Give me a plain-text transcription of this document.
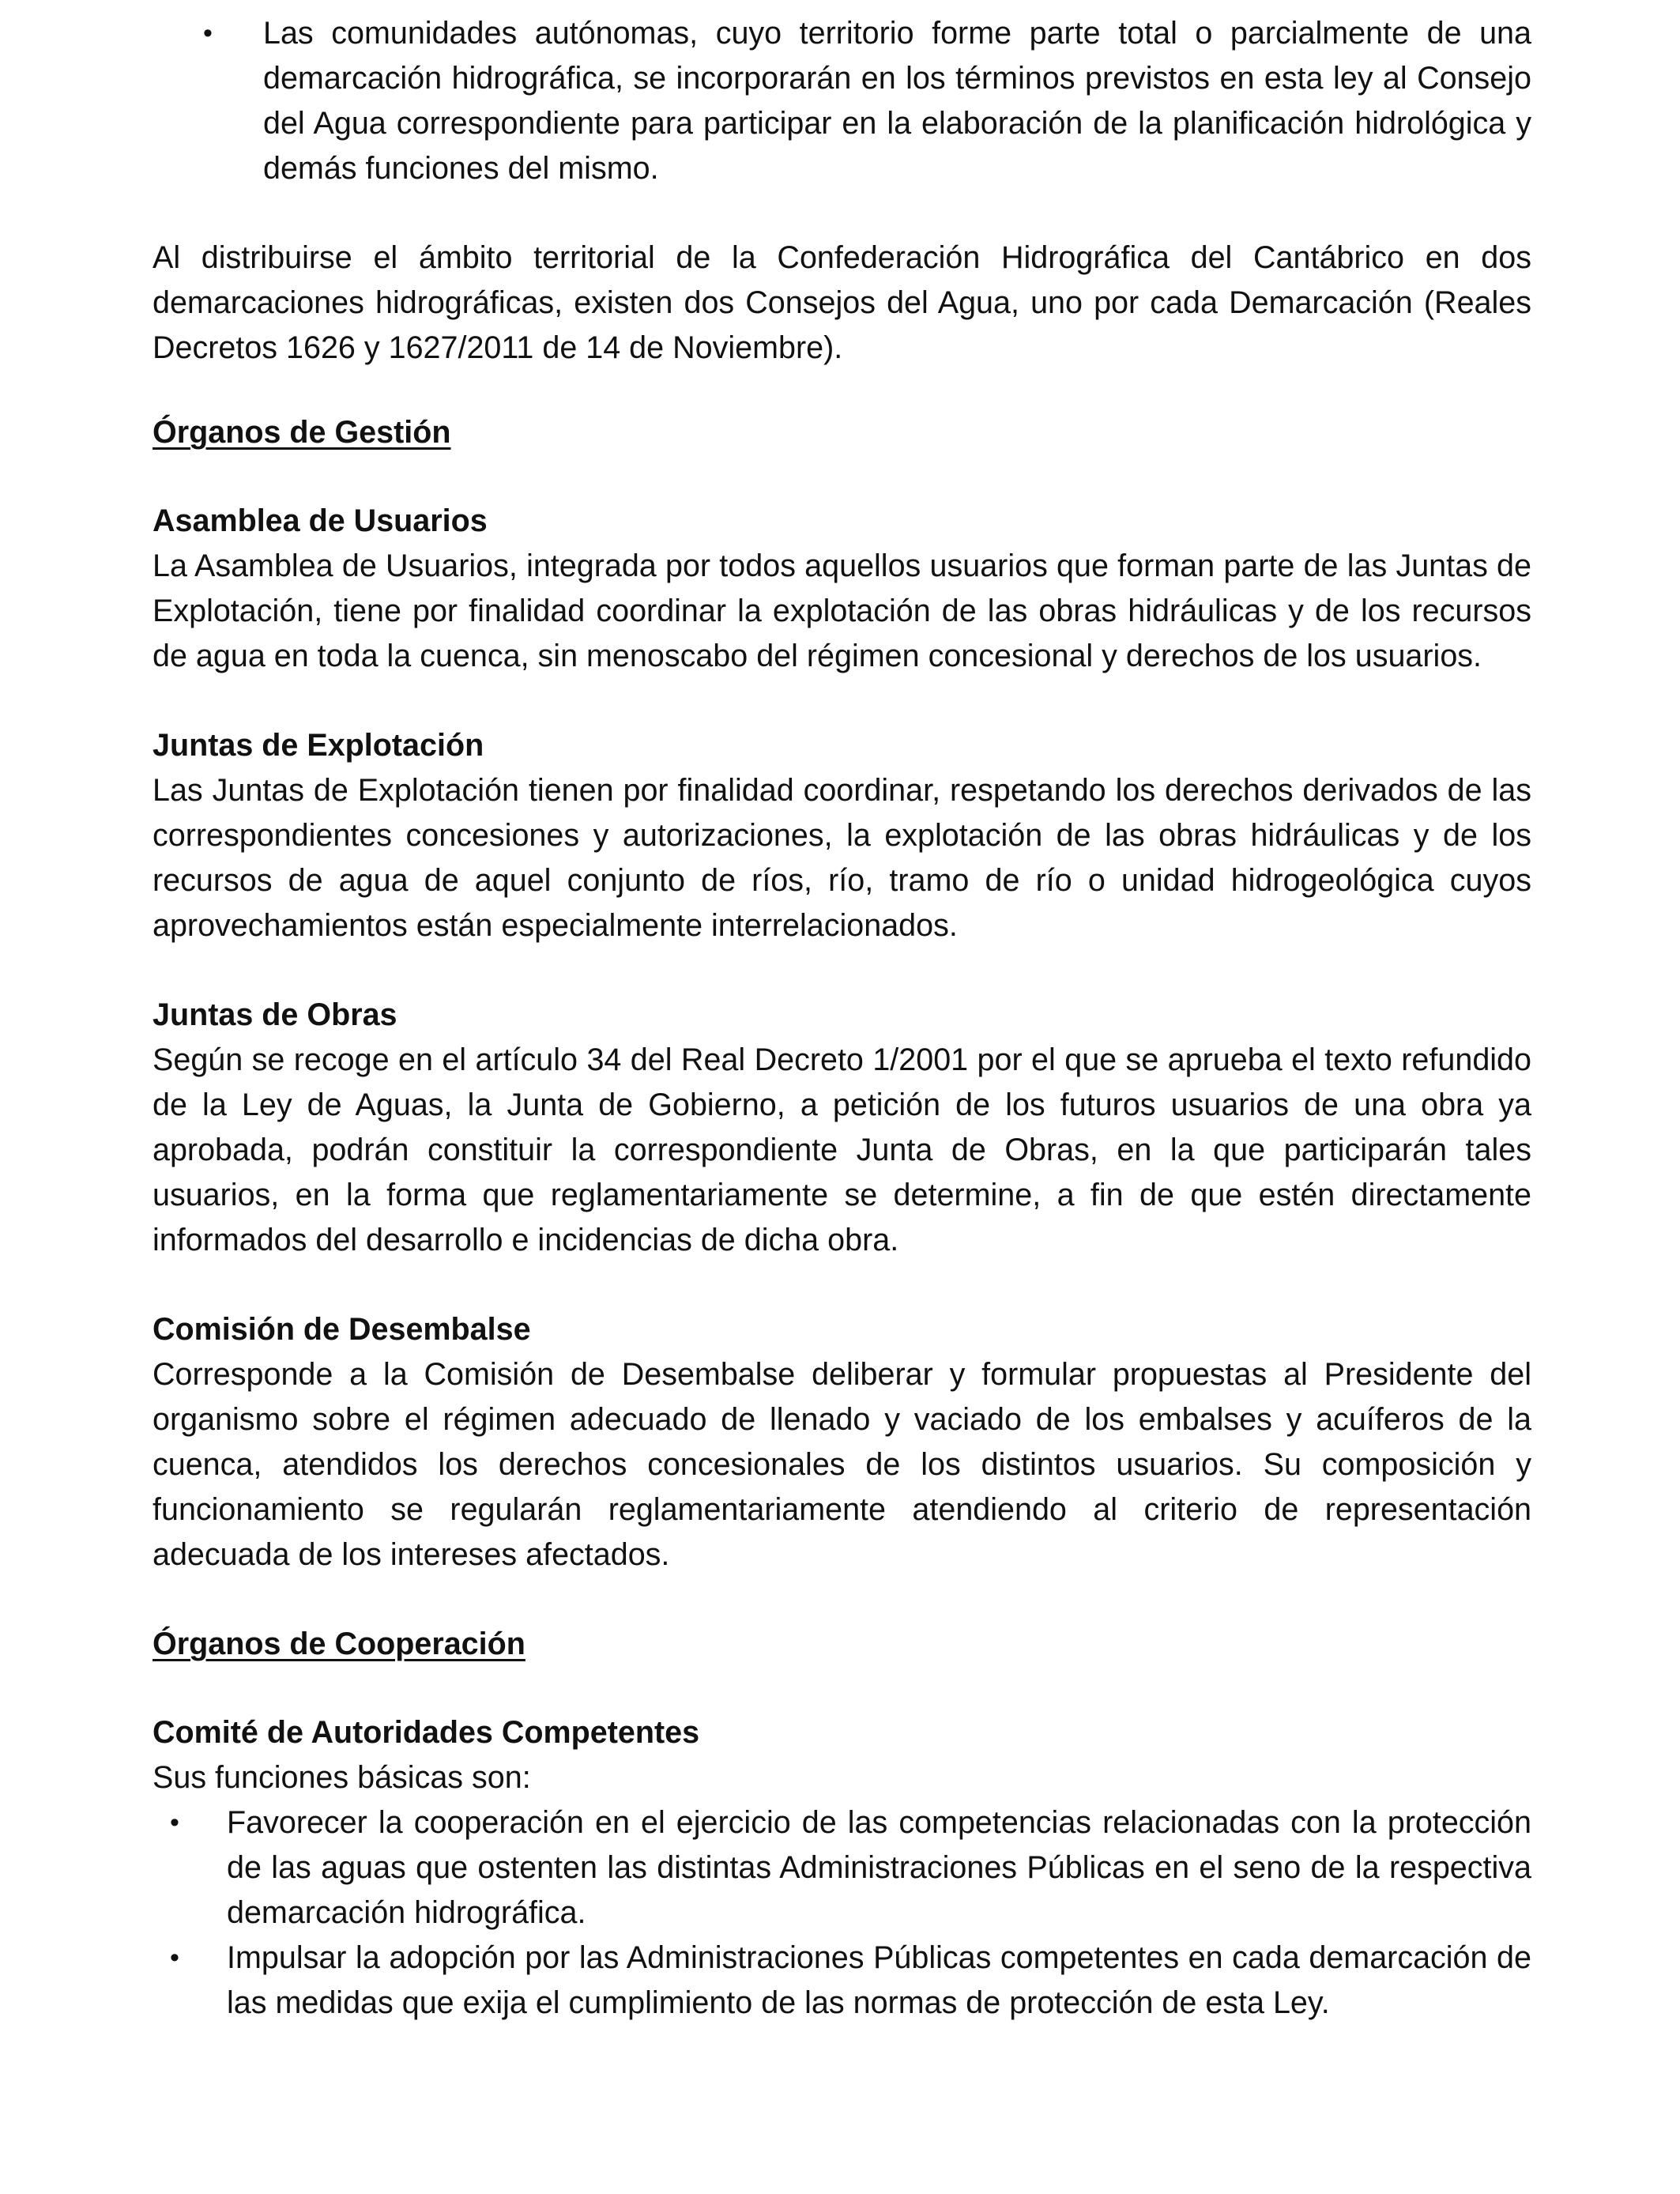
• Las comunidades autónomas, cuyo territorio forme parte total o parcialmente de una demarcación hidrográfica, se incorporarán en los términos previstos en esta ley al Consejo del Agua correspondiente para participar en la elaboración de la planificación hidrológica y demás funciones del mismo.

Al distribuirse el ámbito territorial de la Confederación Hidrográfica del Cantábrico en dos demarcaciones hidrográficas, existen dos Consejos del Agua, uno por cada Demarcación (Reales Decretos 1626 y 1627/2011 de 14 de Noviembre).

Órganos de Gestión

Asamblea de Usuarios

La Asamblea de Usuarios, integrada por todos aquellos usuarios que forman parte de las Juntas de Explotación, tiene por finalidad coordinar la explotación de las obras hidráulicas y de los recursos de agua en toda la cuenca, sin menoscabo del régimen concesional y derechos de los usuarios.

Juntas de Explotación

Las Juntas de Explotación tienen por finalidad coordinar, respetando los derechos derivados de las correspondientes concesiones y autorizaciones, la explotación de las obras hidráulicas y de los recursos de agua de aquel conjunto de ríos, río, tramo de río o unidad hidrogeológica cuyos aprovechamientos están especialmente interrelacionados.

Juntas de Obras

Según se recoge en el artículo 34 del Real Decreto 1/2001 por el que se aprueba el texto refundido de la Ley de Aguas, la Junta de Gobierno, a petición de los futuros usuarios de una obra ya aprobada, podrán constituir la correspondiente Junta de Obras, en la que participarán tales usuarios, en la forma que reglamentariamente se determine, a fin de que estén directamente informados del desarrollo e incidencias de dicha obra.

Comisión de Desembalse

Corresponde a la Comisión de Desembalse deliberar y formular propuestas al Presidente del organismo sobre el régimen adecuado de llenado y vaciado de los embalses y acuíferos de la cuenca, atendidos los derechos concesionales de los distintos usuarios. Su composición y funcionamiento se regularán reglamentariamente atendiendo al criterio de representación adecuada de los intereses afectados.

Órganos de Cooperación

Comité de Autoridades Competentes

Sus funciones básicas son:

• Favorecer la cooperación en el ejercicio de las competencias relacionadas con la protección de las aguas que ostenten las distintas Administraciones Públicas en el seno de la respectiva demarcación hidrográfica.
• Impulsar la adopción por las Administraciones Públicas competentes en cada demarcación de las medidas que exija el cumplimiento de las normas de protección de esta Ley.
